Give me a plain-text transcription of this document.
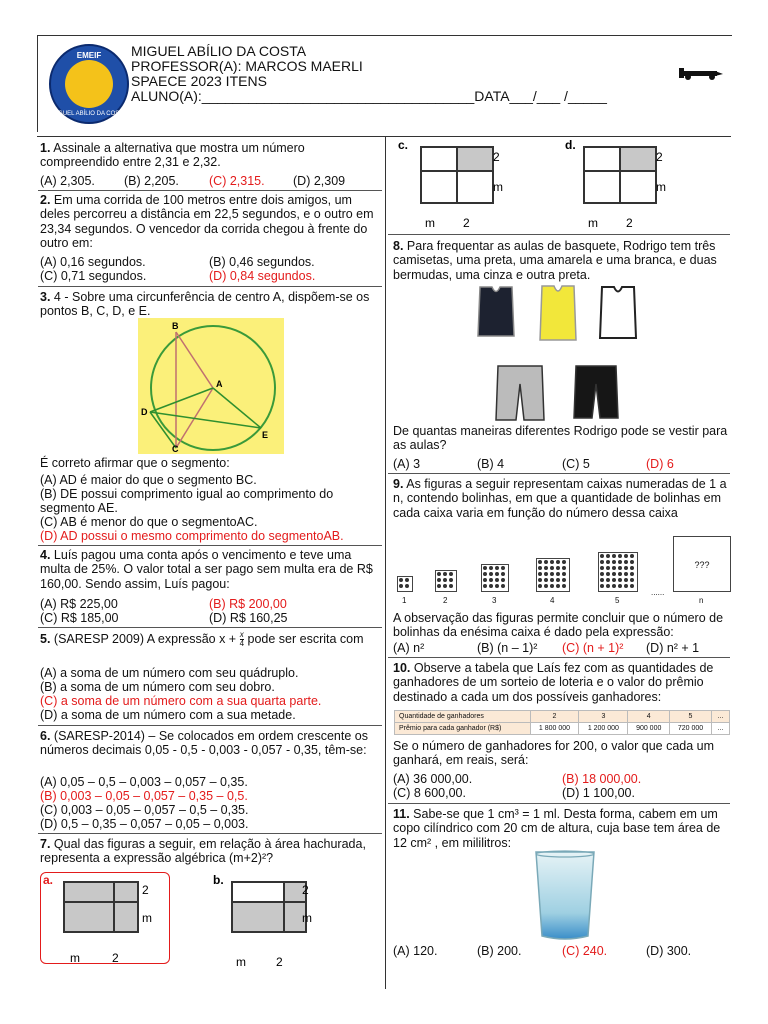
EMEIF
MIGUEL ABÍLIO DA COSTA
MIGUEL ABÍLIO DA COSTA
PROFESSOR(A): MARCOS MAERLI
SPAECE 2023 ITENS
ALUNO(A):___________________________________DATA___/___ /_____
1. Assinale a alternativa que mostra um número compreendido entre 2,31 e 2,32.
(A) 2,305. (B) 2,205. (C) 2,315. (D) 2,309
2. Em uma corrida de 100 metros entre dois amigos, um deles percorreu a distância em 22,5 segundos, e o outro em 23,34 segundos. O vencedor da corrida chegou à frente do outro em:
(A) 0,16 segundos.	(B) 0,46 segundos.
(C) 0,71 segundos.	(D) 0,84 segundos.
3. 4 - Sobre uma circunferência de centro A, dispõem-se os pontos B, C, D, e E.
B
A
D
C
E
É correto afirmar que o segmento:
(A) AD é maior do que o segmento BC.
(B) DE possui comprimento igual ao comprimento do segmento AE.
(C) AB é menor do que o segmentoAC.
(D) AD possui o mesmo comprimento do segmentoAB.
4. Luís pagou uma conta após o vencimento e teve uma multa de 25%. O valor total a ser pago sem multa era de R$ 160,00. Sendo assim, Luís pagou:
(A) R$ 225,00	(B) R$ 200,00
(C) R$ 185,00	(D) R$ 160,25
5. (SARESP 2009) A expressão $x + \frac{x}{4}$ pode ser escrita com
(A) a soma de um número com seu quádruplo.
(B) a soma de um número com seu dobro.
(C) a soma de um número com a sua quarta parte.
(D) a soma de um número com a sua metade.
6. (SARESP-2014) – Se colocados em ordem crescente os números decimais 0,05 - 0,5 - 0,003 - 0,057 - 0,35, têm-se:
(A) 0,05 – 0,5 – 0,003 – 0,057 – 0,35.
(B) 0,003 – 0,05 – 0,057 – 0,35 – 0,5.
(C) 0,003 – 0,05 – 0,057 – 0,5 – 0,35.
(D) 0,5 – 0,35 – 0,057 – 0,05 – 0,003.
7. Qual das figuras a seguir, em relação à área hachurada, representa a expressão algébrica (m+2)²?
a.
2
m
m	2
b.
2
m
m	2
c.
2
m
m 2
d.
2
m
m 2
8. Para frequentar as aulas de basquete, Rodrigo tem três camisetas, uma preta, uma amarela e uma branca, e duas bermudas, uma cinza e outra preta.
De quantas maneiras diferentes Rodrigo pode se vestir para as aulas?
(A) 3	(B) 4	(C) 5	(D) 6
9. As figuras a seguir representam caixas numeradas de 1 a n, contendo bolinhas, em que a quantidade de bolinhas em cada caixa varia em função do número dessa caixa
1	2	3	4	5
......
???
n
A observação das figuras permite concluir que o número de bolinhas da enésima caixa é dado pela expressão:
(A) n²	(B) (n – 1)² (C) (n + 1)² (D) n² + 1
10. Observe a tabela que Laís fez com as quantidades de ganhadores de um sorteio de loteria e o valor do prêmio destinado a cada um dos possíveis ganhadores:
Quantidade de ganhadores	2	3	4	5	...
Prêmio para cada ganhador (R$)	1 800 000	1 200 000	900 000	720 000	...
Se o número de ganhadores for 200, o valor que cada um ganhará, em reais, será:
(A) 36 000,00.	(B) 18 000,00.
(C) 8 600,00.	(D) 1 100,00.
11. Sabe-se que 1 cm³ = 1 ml. Desta forma, cabem em um copo cilíndrico com 20 cm de altura, cuja base tem área de 12 cm² , em mililitros:
(A) 120.	(B) 200.	(C) 240.	(D) 300.
